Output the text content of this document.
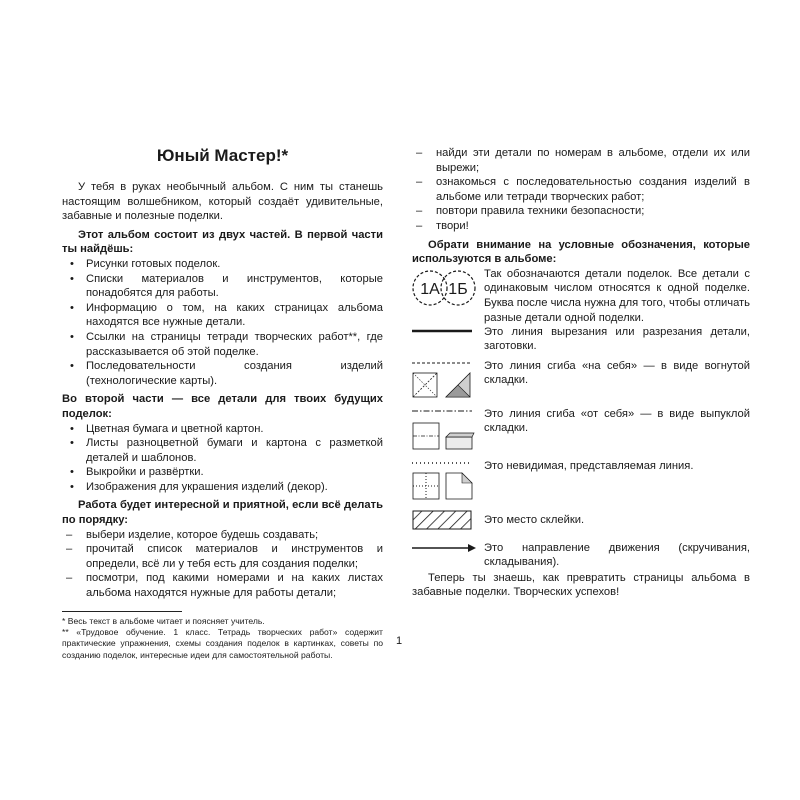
Юный Мастер!*

У тебя в руках необычный альбом. С ним ты станешь настоящим волшебником, который создаёт удивительные, забавные и полезные поделки.

Этот альбом состоит из двух частей. В первой части ты найдёшь:

• Рисунки готовых поделок.
• Списки материалов и инструментов, которые понадобятся для работы.
• Информацию о том, на каких страницах альбома находятся все нужные детали.
• Ссылки на страницы тетради творческих работ**, где рассказывается об этой поделке.
• Последовательности создания изделий (технологические карты).

Во второй части — все детали для твоих будущих поделок:

• Цветная бумага и цветной картон.
• Листы разноцветной бумаги и картона с разметкой деталей и шаблонов.
• Выкройки и развёртки.
• Изображения для украшения изделий (декор).

Работа будет интересной и приятной, если всё делать по порядку:

– выбери изделие, которое будешь создавать;
– прочитай список материалов и инструментов и определи, всё ли у тебя есть для создания поделки;
– посмотри, под какими номерами и на каких листах альбома находятся нужные для работы детали;

* Весь текст в альбоме читает и поясняет учитель.

** «Трудовое обучение. 1 класс. Тетрадь творческих работ» содержит практические упражнения, схемы создания поделок в картинках, советы по созданию поделок, интересные идеи для самостоятельной работы.

1
– найди эти детали по номерам в альбоме, отдели их или вырежи;
– ознакомься с последовательностью создания изделий в альбоме или тетради творческих работ;
– повтори правила техники безопасности;
– твори!

Обрати внимание на условные обозначения, которые используются в альбоме:

1А 1Б
Так обозначаются детали поделок. Все детали с одинаковым числом относятся к одной поделке. Буква после числа нужна для того, чтобы отличать разные детали одной поделки.
Это линия вырезания или разрезания детали, заготовки.
Это линия сгиба «на себя» — в виде вогнутой складки.
Это линия сгиба «от себя» — в виде выпуклой складки.
Это невидимая, представляемая линия.
Это место склейки.
Это направление движения (скручивания, складывания).

Теперь ты знаешь, как превратить страницы альбома в забавные поделки. Творческих успехов!
